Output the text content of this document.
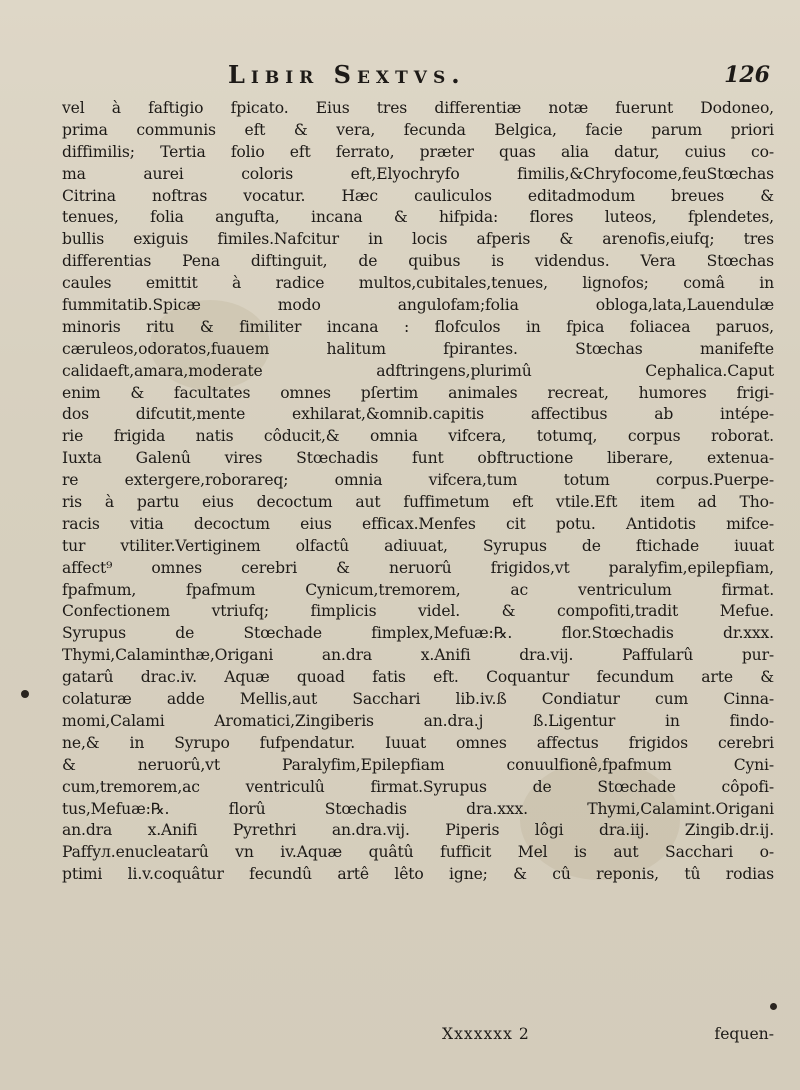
Libir Sextvs.	126
vel à faftigio fpicato. Eius tres differentiæ notæ fuerunt Dodoneo,
prima communis eft & vera, fecunda Belgica, facie parum priori
diffimilis; Tertia folio eft ferrato, præter quas alia datur, cuius co-
ma aurei coloris eft,Elyochryfo fimilis,&Chryfocome,feuStœchas
Citrina noftras vocatur. Hæc cauliculos editadmodum breues &
tenues, folia angufta, incana & hifpida: flores luteos, fplendetes,
bullis exiguis fimiles.Nafcitur in locis afperis & arenofis,eiufq; tres
differentias Pena diftinguit, de quibus is videndus. Vera Stœchas
caules emittit à radice multos,cubitales,tenues, lignofos; comâ in
fummitatib.Spicæ modo angulofam;folia obloga,lata,Lauendulæ
minoris ritu & fimiliter incana : flofculos in fpica foliacea paruos,
cæruleos,odoratos,fuauem halitum fpirantes. Stœchas manifefte
calidaeft,amara,moderate adftringens,plurimû Cephalica.Caput
enim & facultates omnes pſertim animales recreat, humores frigi-
dos difcutit,mente exhilarat,&omnib.capitis affectibus ab intépe-
rie frigida natis côducit,& omnia vifcera, totumq, corpus roborat.
Iuxta Galenû vires Stœchadis funt obftructione liberare, extenua-
re extergere,roborareq; omnia vifcera,tum totum corpus.Puerpe-
ris à partu eius decoctum aut fuffimetum eft vtile.Eft item ad Tho-
racis vitia decoctum eius efficax.Menfes cit potu. Antidotis mifce-
tur vtiliter.Vertiginem olfactû adiuuat, Syrupus de ftichade iuuat
affect⁹ omnes cerebri & neruorû frigidos,vt paralyfim,epilepfiam,
fpafmum, fpafmum Cynicum,tremorem, ac ventriculum firmat.
Confectionem vtriufq; fimplicis videl. & compofiti,tradit Mefue.
Syrupus de Stœchade fimplex,Mefuæ:℞. flor.Stœchadis dr.xxx.
Thymi,Calaminthæ,Origani an.dra x.Anifi dra.vij. Paffularû pur-
gatarû drac.iv. Aquæ quoad fatis eft. Coquantur fecundum arte &
colaturæ adde Mellis,aut Sacchari lib.iv.ß Condiatur cum Cinna-
momi,Calami Aromatici,Zingiberis an.dra.j ß.Ligentur in findo-
ne,& in Syrupo fufpendatur. Iuuat omnes affectus frigidos cerebri
& neruorû,vt Paralyfim,Epilepfiam conuulfionê,fpafmum Cyni-
cum,tremorem,ac ventriculû firmat.Syrupus de Stœchade côpofi-
tus,Mefuæ:℞. florû Stœchadis dra.xxx. Thymi,Calamint.Origani
an.dra x.Anifi Pyrethri an.dra.vij. Piperis lôgi dra.iij. Zingib.dr.ij.
Paffул.enucleatarû vn iv.Aquæ quâtû fufficit Mel is aut Sacchari o-
ptimi li.v.coquâtur fecundû artê lêto igne; & cû reponis, tû rodias
Xxxxxxx 2	fequen-
